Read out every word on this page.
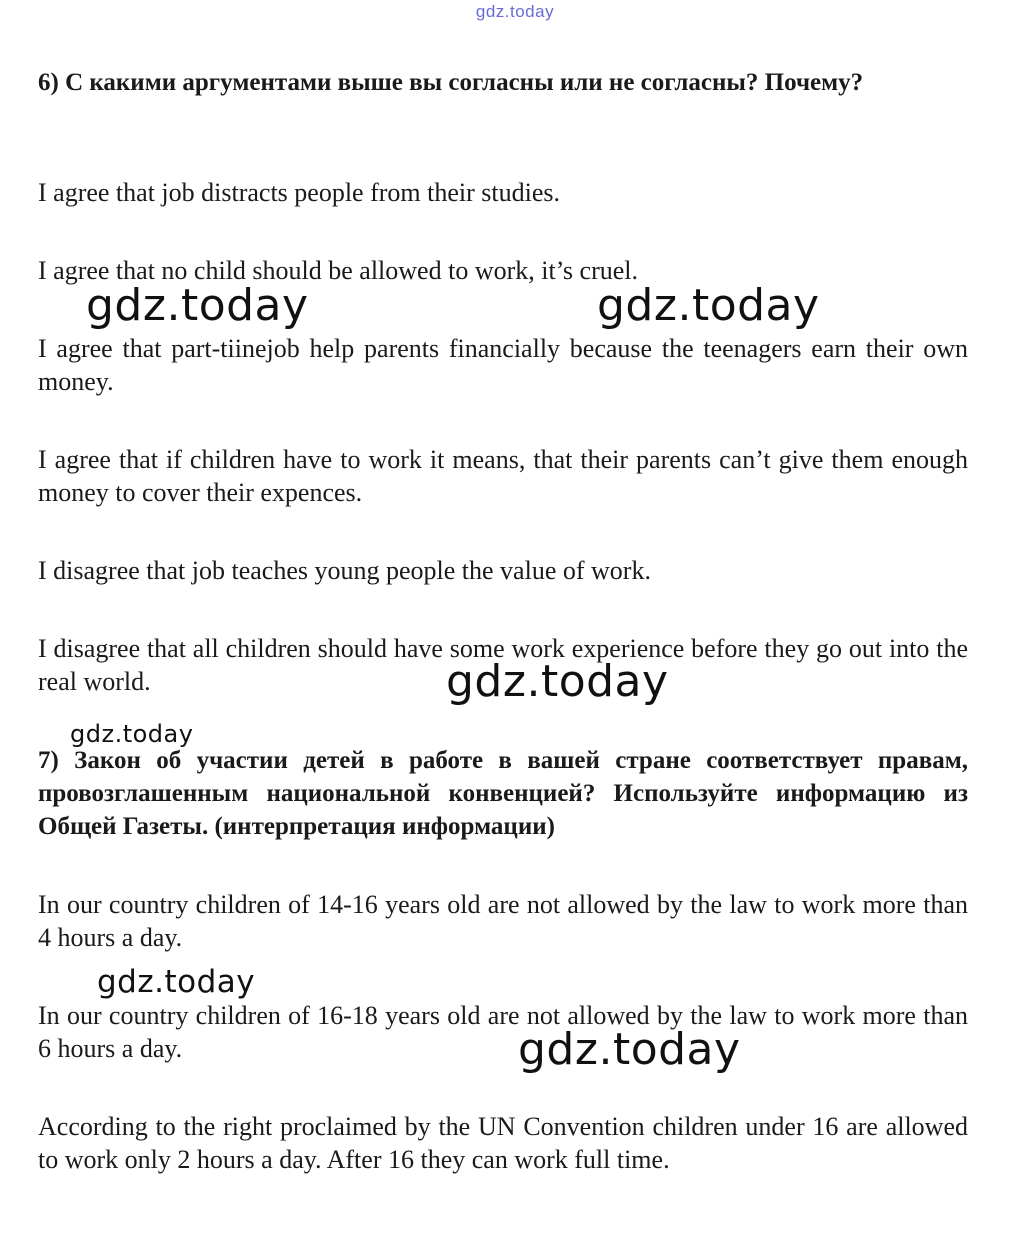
gdz.today

6) С какими аргументами выше вы согласны или не согласны? Почему?

I agree that job distracts people from their studies.

I agree that no child should be allowed to work, it’s cruel.

I agree that part-tiinejob help parents financially because the teenagers earn their own money.

I agree that if children have to work it means, that their parents can’t give them enough money to cover their expences.

I disagree that job teaches young people the value of work.

I disagree that all children should have some work experience before they go out into the real world.

7) Закон об участии детей в работе в вашей стране соответствует правам, провозглашенным национальной конвенцией? Используйте информацию из Общей Газеты. (интерпретация информации)

In our country children of 14-16 years old are not allowed by the law to work more than 4 hours a day.

In our country children of 16-18 years old are not allowed by the law to work more than 6 hours a day.

According to the right proclaimed by the UN Convention children under 16 are allowed to work only 2 hours a day. After 16 they can work full time.

gdz.today	gdz.today
gdz.today
gdz.today
gdz.today
gdz.today
